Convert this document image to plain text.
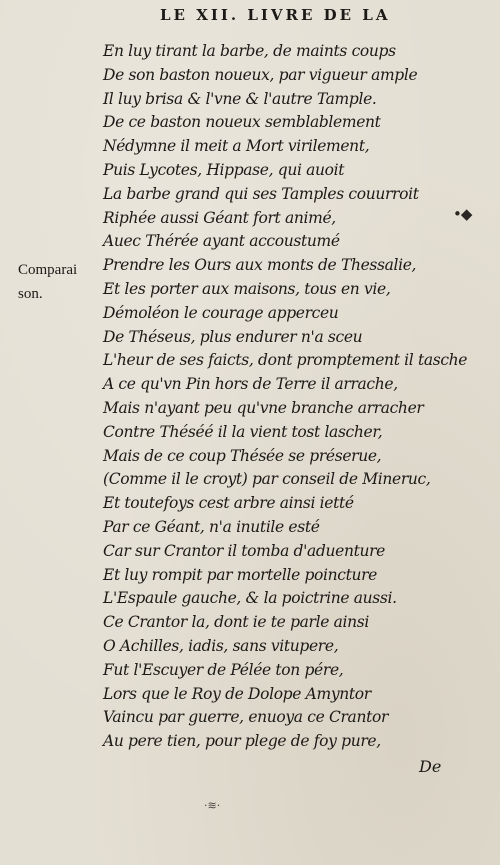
LE XII. LIVRE DE LA
En luy tirant la barbe, de maints coups
De son baston noueux, par vigueur ample
Il luy brisa & l'vne & l'autre Tample.
De ce baston noueux semblablement
Nédymne il meit a Mort virilement,
Puis Lycotes, Hippase, qui auoit
La barbe grand qui ses Tamples couurroit
Riphée aussi Géant fort animé,
Auec Thérée ayant accoustumé
Prendre les Ours aux monts de Thessalie,
Et les porter aux maisons, tous en vie,
Démoléon le courage apperceu
De Théseus, plus endurer n'a sceu
L'heur de ses faicts, dont promptement il tasche
A ce qu'vn Pin hors de Terre il arrache,
Mais n'ayant peu qu'vne branche arracher
Contre Théséé il la vient tost lascher,
Mais de ce coup Thésée se préserue,
(Comme il le croyt) par conseil de Mineruc,
Et toutefoys cest arbre ainsi ietté
Par ce Géant, n'a inutile esté
Car sur Crantor il tomba d'aduenture
Et luy rompit par mortelle poincture
L'Espaule gauche, & la poictrine aussi.
Ce Crantor la, dont ie te parle ainsi
O Achilles, iadis, sans vitupere,
Fut l'Escuyer de Pélée ton pére,
Lors que le Roy de Dolope Amyntor
Vaincu par guerre, enuoya ce Crantor
Au pere tien, pour plege de foy pure,
Comparai
son.
•◆
De
·≋·
